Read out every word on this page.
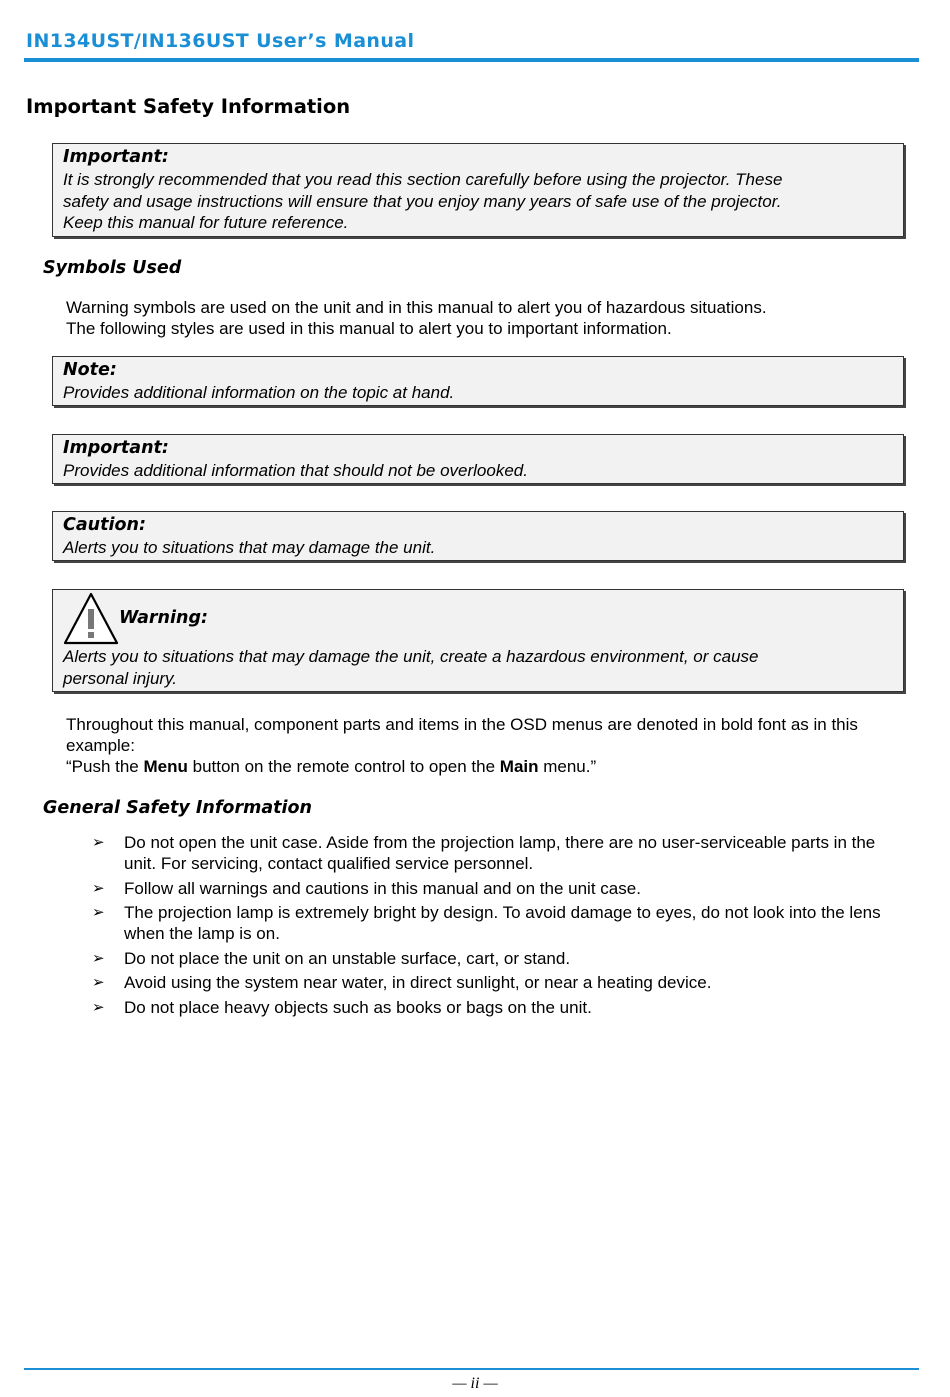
IN134UST/IN136UST User’s Manual
Important Safety Information
Important:
It is strongly recommended that you read this section carefully before using the projector. These
safety and usage instructions will ensure that you enjoy many years of safe use of the projector.
Keep this manual for future reference.
Symbols Used
Warning symbols are used on the unit and in this manual to alert you of hazardous situations.
The following styles are used in this manual to alert you to important information.
Note:
Provides additional information on the topic at hand.
Important:
Provides additional information that should not be overlooked.
Caution:
Alerts you to situations that may damage the unit.
Warning:
Alerts you to situations that may damage the unit, create a hazardous environment, or cause
personal injury.
Throughout this manual, component parts and items in the OSD menus are denoted in bold font as in this
example:
“Push the Menu button on the remote control to open the Main menu.”
General Safety Information
➢ Do not open the unit case. Aside from the projection lamp, there are no user-serviceable parts in the unit. For servicing, contact qualified service personnel.
➢ Follow all warnings and cautions in this manual and on the unit case.
➢ The projection lamp is extremely bright by design. To avoid damage to eyes, do not look into the lens when the lamp is on.
➢ Do not place the unit on an unstable surface, cart, or stand.
➢ Avoid using the system near water, in direct sunlight, or near a heating device.
➢ Do not place heavy objects such as books or bags on the unit.
— ii —
